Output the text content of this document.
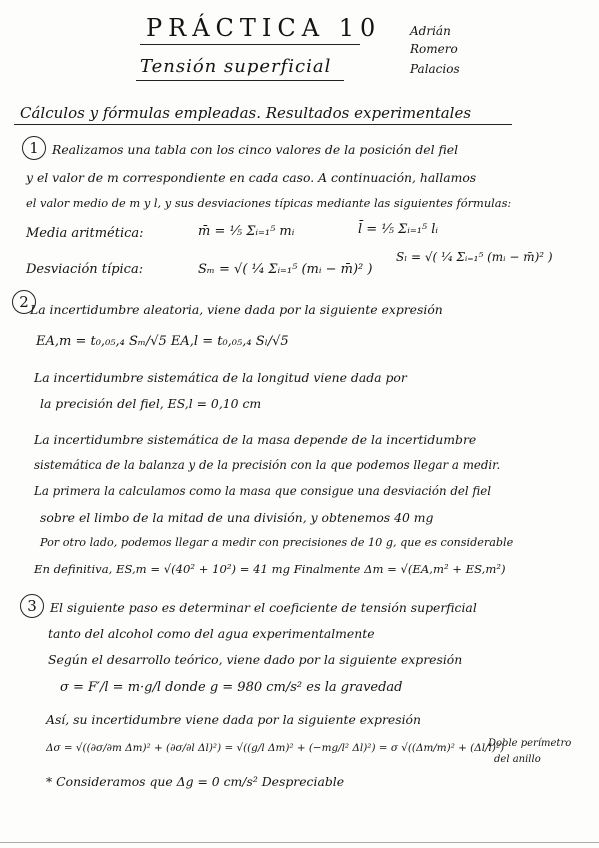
PRÁCTICA 10
Tensión superficial
Adrián
Romero
Palacios
Cálculos y fórmulas empleadas. Resultados experimentales
1	Realizamos una tabla con los cinco valores de la posición del fiel
y el valor de m correspondiente en cada caso. A continuación, hallamos
el valor medio de m y l, y sus desviaciones típicas mediante las siguientes fórmulas:
Media aritmética:	m̄ = ¹⁄₅ Σᵢ₌₁⁵ mᵢ	l̄ = ¹⁄₅ Σᵢ₌₁⁵ lᵢ
Desviación típica:	Sₘ = √( ¹⁄₄ Σᵢ₌₁⁵ (mᵢ − m̄)² )
Sₗ = √( ¹⁄₄ Σᵢ₌₁⁵ (mᵢ − m̄)² )
2 La incertidumbre aleatoria, viene dada por la siguiente expresión
EA,m = t₀,₀₅,₄ Sₘ/√5 EA,l = t₀,₀₅,₄ Sₗ/√5
La incertidumbre sistemática de la longitud viene dada por
la precisión del fiel, ES,l = 0,10 cm
La incertidumbre sistemática de la masa depende de la incertidumbre
sistemática de la balanza y de la precisión con la que podemos llegar a medir.
La primera la calculamos como la masa que consigue una desviación del fiel
sobre el limbo de la mitad de una división, y obtenemos 40 mg
Por otro lado, podemos llegar a medir con precisiones de 10 g, que es considerable
En definitiva, ES,m = √(40² + 10²) = 41 mg Finalmente Δm = √(EA,m² + ES,m²)
3	El siguiente paso es determinar el coeficiente de tensión superficial
tanto del alcohol como del agua experimentalmente
Según el desarrollo teórico, viene dado por la siguiente expresión
σ = F′/l = m·g/l donde g = 980 cm/s² es la gravedad
Así, su incertidumbre viene dada por la siguiente expresión
Δσ = √((∂σ/∂m Δm)² + (∂σ/∂l Δl)²) = √((g/l Δm)² + (−mg/l² Δl)²) = σ √((Δm/m)² + (Δl/l)²)
Doble perímetro
del anillo
* Consideramos que Δg = 0 cm/s² Despreciable
